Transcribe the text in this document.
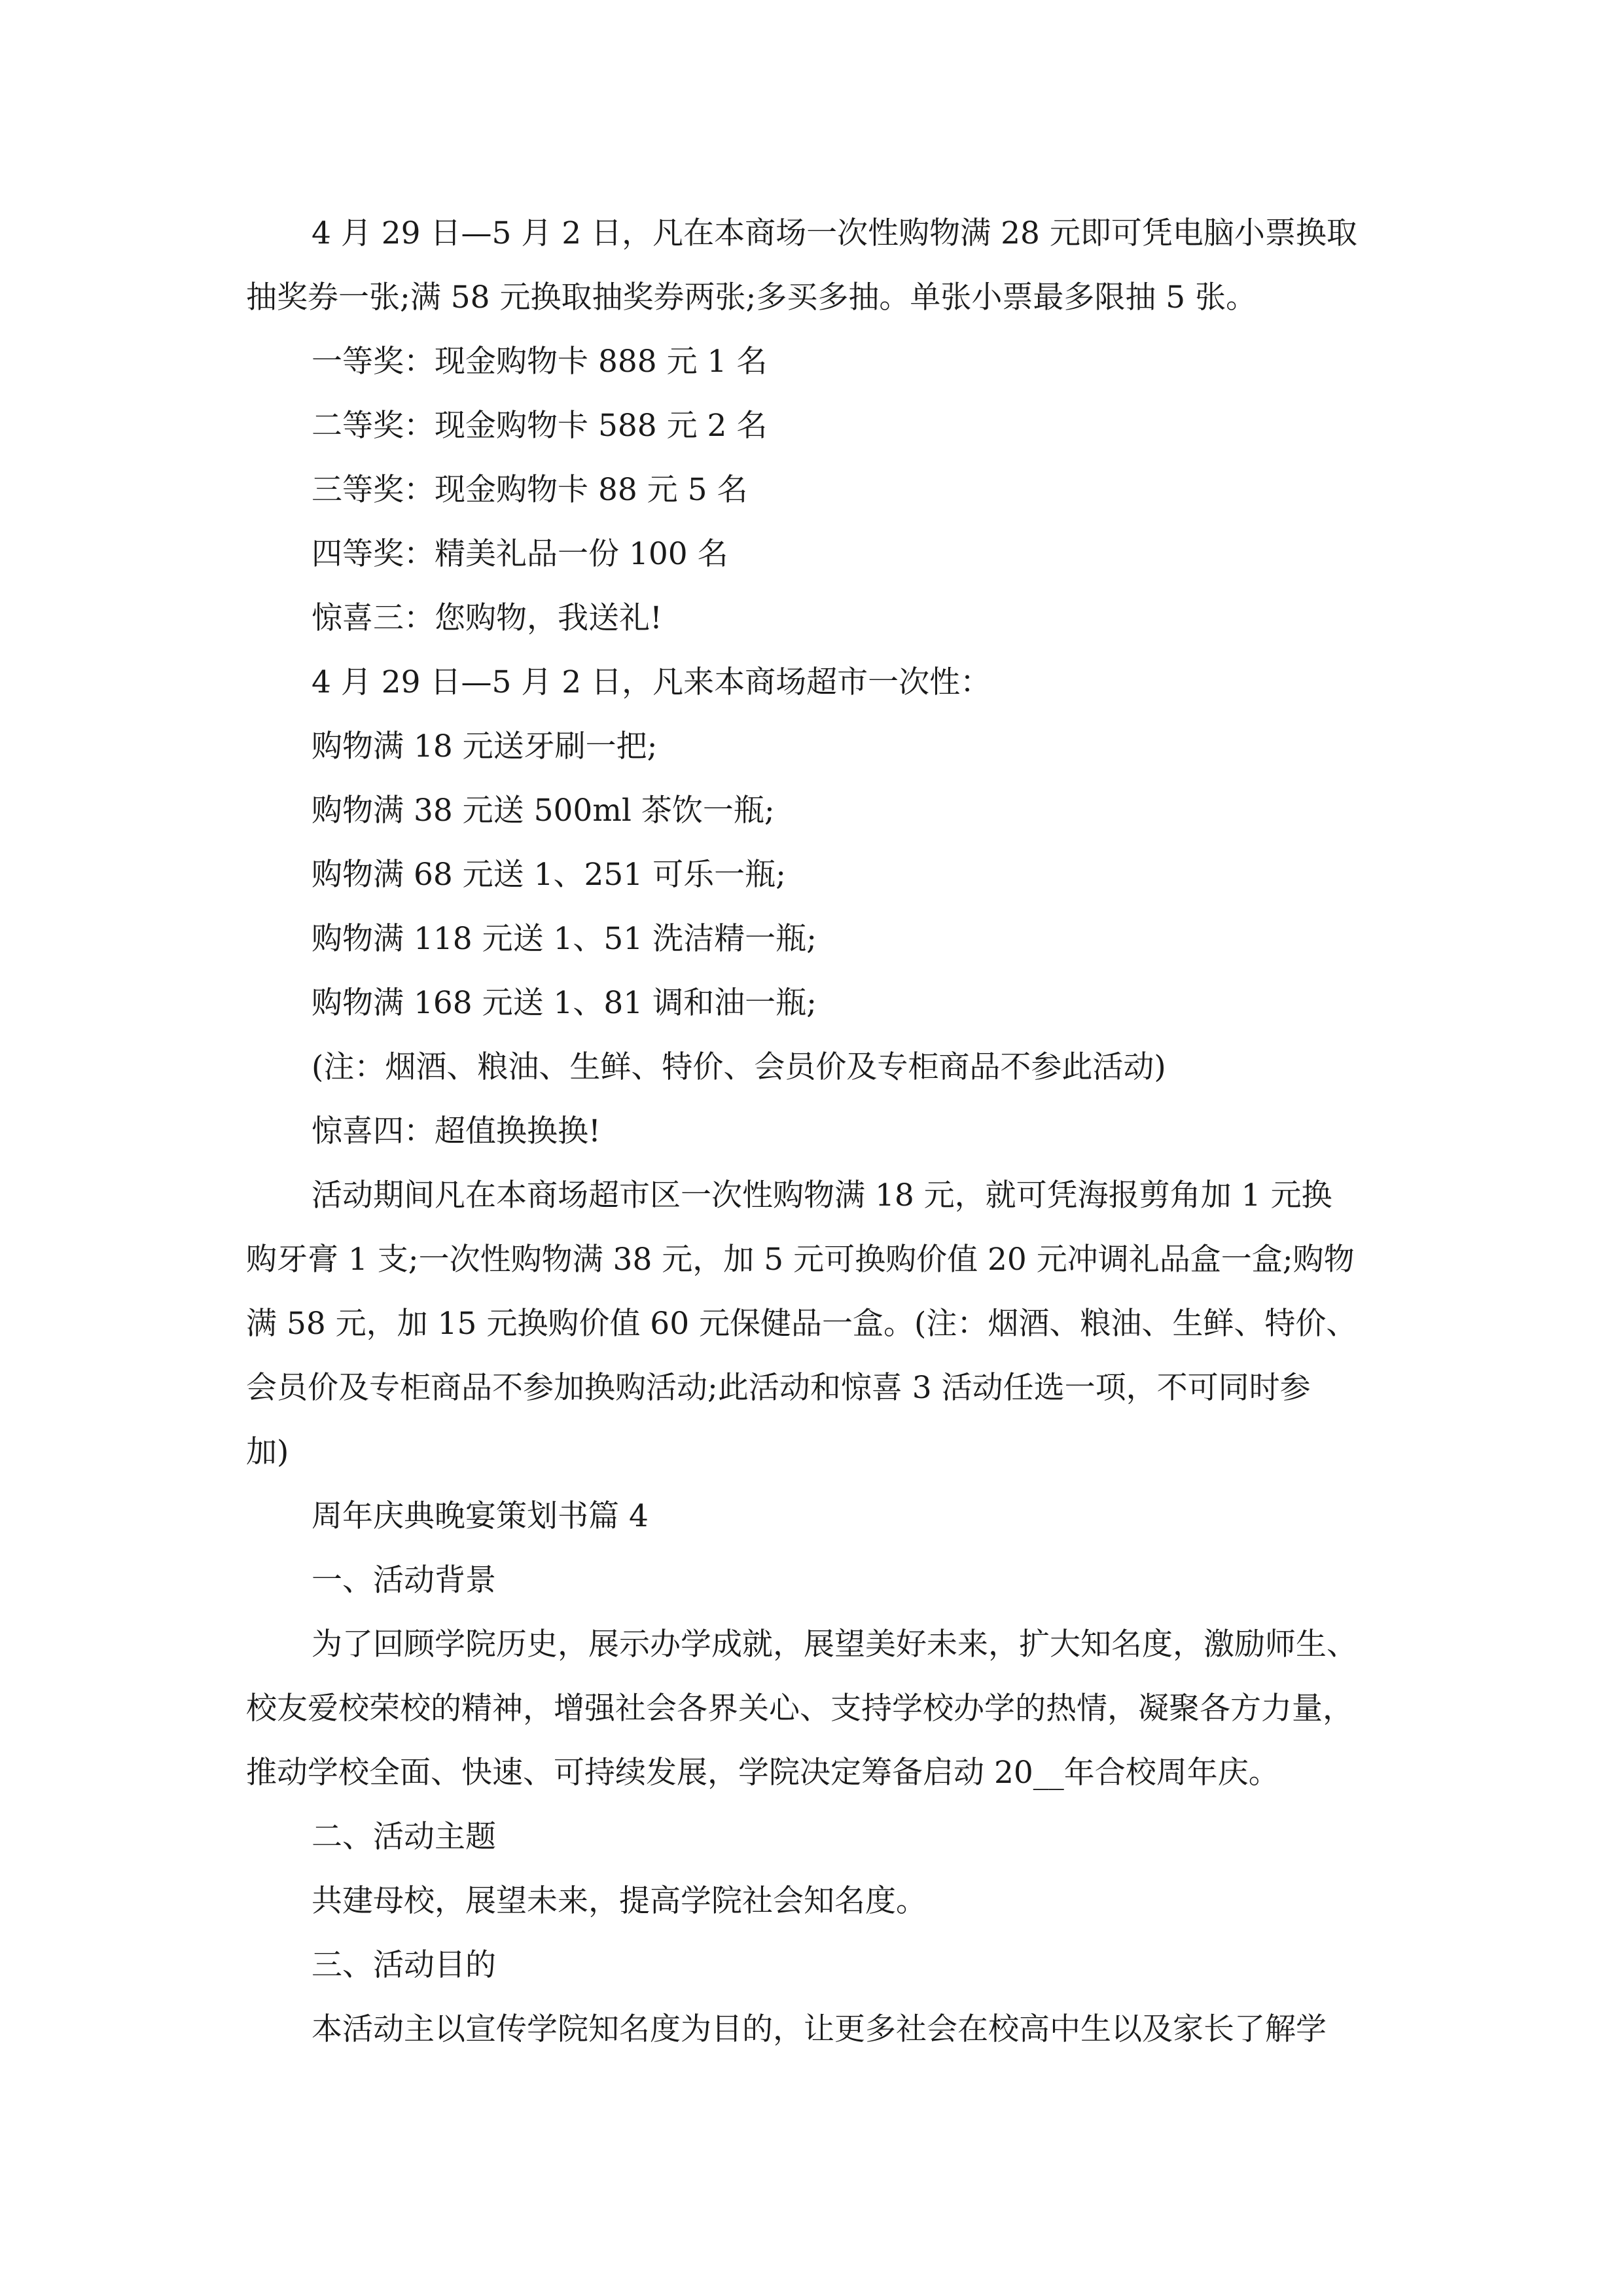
4 月 29 日—5 月 2 日，凡在本商场一次性购物满 28 元即可凭电脑小票换取

抽奖券一张;满 58 元换取抽奖券两张;多买多抽。单张小票最多限抽 5 张。

一等奖：现金购物卡 888 元 1 名

二等奖：现金购物卡 588 元 2 名

三等奖：现金购物卡 88 元 5 名

四等奖：精美礼品一份 100 名

惊喜三：您购物，我送礼!

4 月 29 日—5 月 2 日，凡来本商场超市一次性：

购物满 18 元送牙刷一把;

购物满 38 元送 500ml 茶饮一瓶;

购物满 68 元送 1、251 可乐一瓶;

购物满 118 元送 1、51 洗洁精一瓶;

购物满 168 元送 1、81 调和油一瓶;

(注：烟酒、粮油、生鲜、特价、会员价及专柜商品不参此活动)

惊喜四：超值换换换!

活动期间凡在本商场超市区一次性购物满 18 元，就可凭海报剪角加 1 元换

购牙膏 1 支;一次性购物满 38 元，加 5 元可换购价值 20 元冲调礼品盒一盒;购物

满 58 元，加 15 元换购价值 60 元保健品一盒。(注：烟酒、粮油、生鲜、特价、

会员价及专柜商品不参加换购活动;此活动和惊喜 3 活动任选一项，不可同时参

加)

周年庆典晚宴策划书篇 4

一、活动背景

为了回顾学院历史，展示办学成就，展望美好未来，扩大知名度，激励师生、

校友爱校荣校的精神，增强社会各界关心、支持学校办学的热情，凝聚各方力量，

推动学校全面、快速、可持续发展，学院决定筹备启动 20__年合校周年庆。

二、活动主题

共建母校，展望未来，提高学院社会知名度。

三、活动目的

本活动主以宣传学院知名度为目的，让更多社会在校高中生以及家长了解学
